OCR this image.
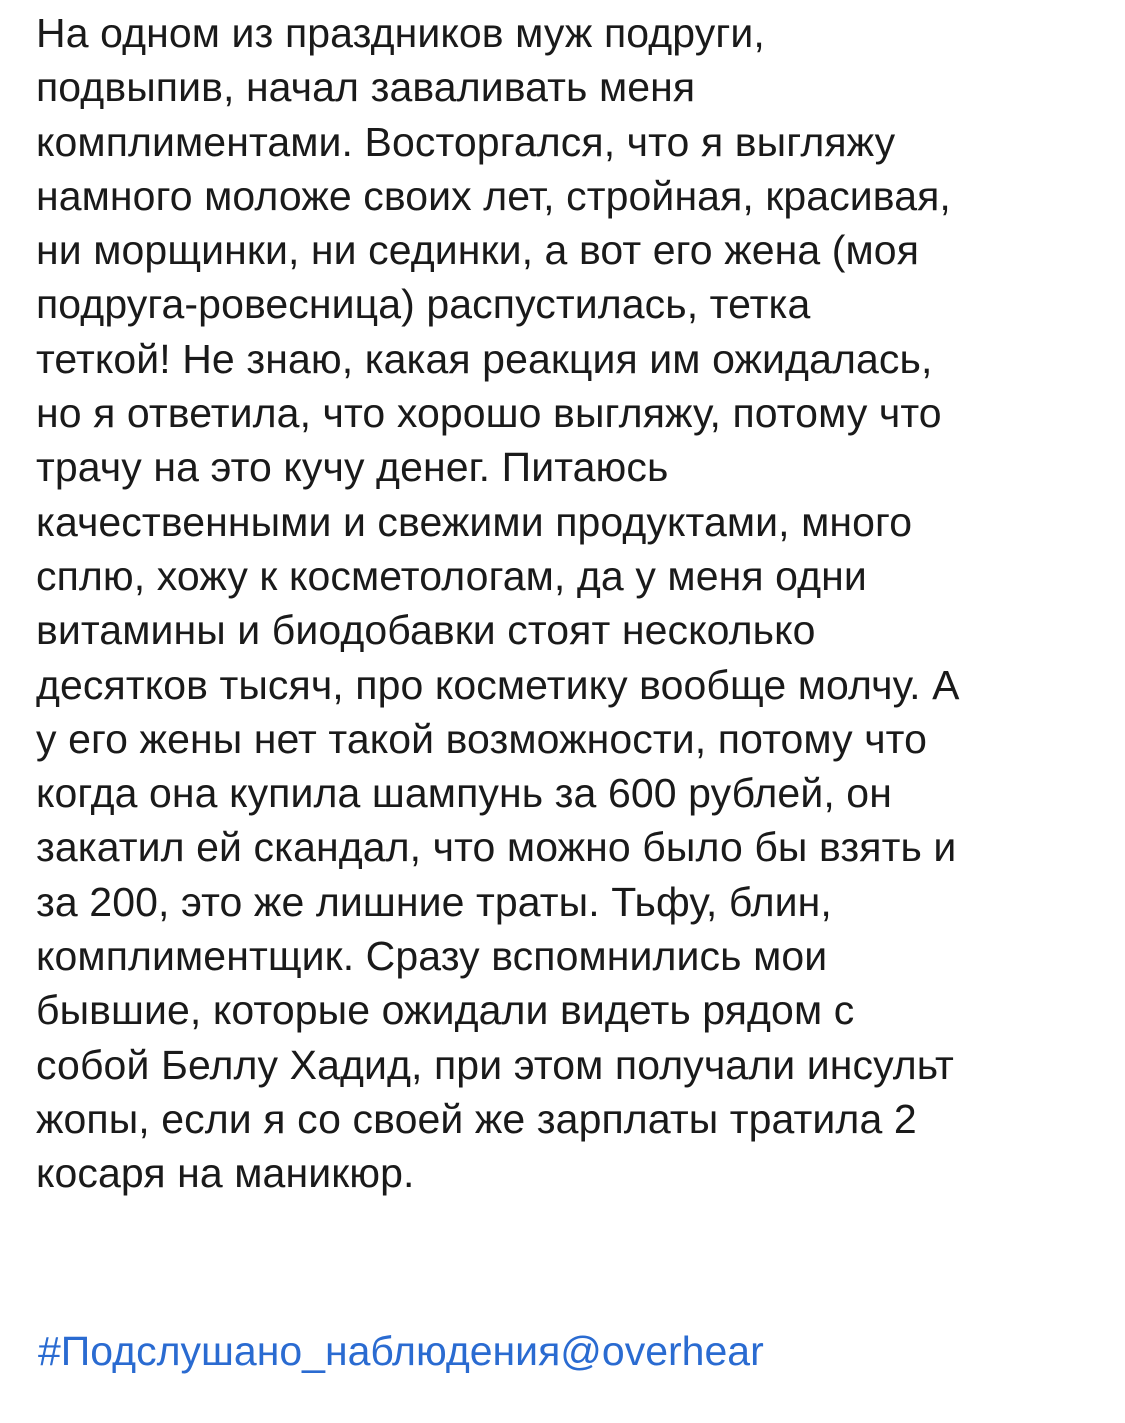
На одном из праздников муж подруги,
подвыпив, начал заваливать меня
комплиментами. Восторгался, что я выгляжу
намного моложе своих лет, стройная, красивая,
ни морщинки, ни сединки, а вот его жена (моя
подруга-ровесница) распустилась, тетка
теткой! Не знаю, какая реакция им ожидалась,
но я ответила, что хорошо выгляжу, потому что
трачу на это кучу денег. Питаюсь
качественными и свежими продуктами, много
сплю, хожу к косметологам, да у меня одни
витамины и биодобавки стоят несколько
десятков тысяч, про косметику вообще молчу. А
у его жены нет такой возможности, потому что
когда она купила шампунь за 600 рублей, он
закатил ей скандал, что можно было бы взять и
за 200, это же лишние траты. Тьфу, блин,
комплиментщик. Сразу вспомнились мои
бывшие, которые ожидали видеть рядом с
собой Беллу Хадид, при этом получали инсульт
жопы, если я со своей же зарплаты тратила 2
косаря на маникюр.
#Подслушано_наблюдения@overhear
